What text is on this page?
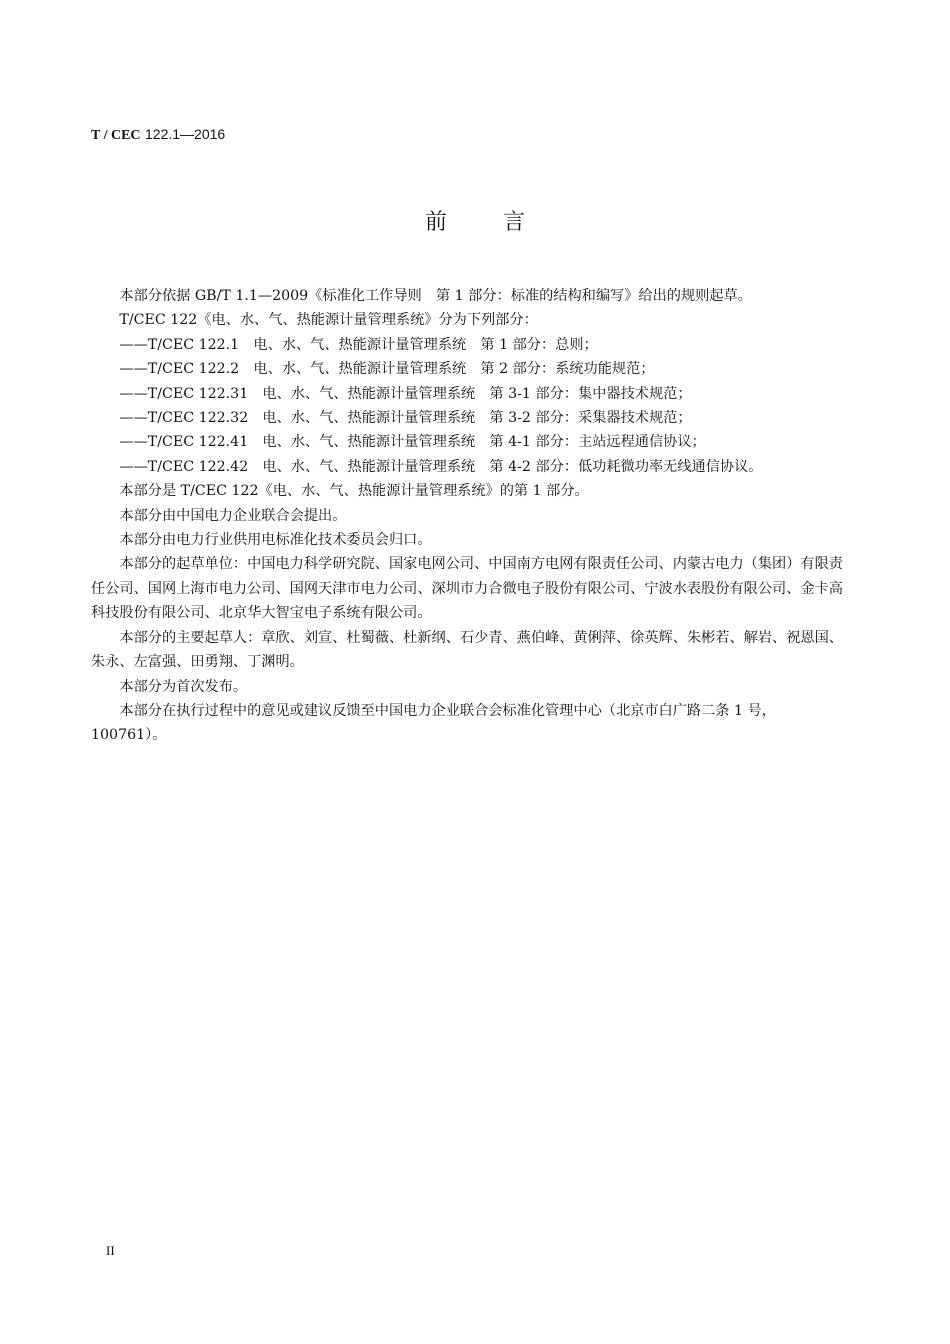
T / CEC 122.1—2016
前	言

本部分依据 GB/T 1.1—2009《标准化工作导则　第 1 部分：标准的结构和编写》给出的规则起草。

T/CEC 122《电、水、气、热能源计量管理系统》分为下列部分：

——T/CEC 122.1　电、水、气、热能源计量管理系统　第 1 部分：总则；

——T/CEC 122.2　电、水、气、热能源计量管理系统　第 2 部分：系统功能规范；

——T/CEC 122.31　电、水、气、热能源计量管理系统　第 3-1 部分：集中器技术规范；

——T/CEC 122.32　电、水、气、热能源计量管理系统　第 3-2 部分：采集器技术规范；

——T/CEC 122.41　电、水、气、热能源计量管理系统　第 4-1 部分：主站远程通信协议；

——T/CEC 122.42　电、水、气、热能源计量管理系统　第 4-2 部分：低功耗微功率无线通信协议。

本部分是 T/CEC 122《电、水、气、热能源计量管理系统》的第 1 部分。

本部分由中国电力企业联合会提出。

本部分由电力行业供用电标准化技术委员会归口。

本部分的起草单位：中国电力科学研究院、国家电网公司、中国南方电网有限责任公司、内蒙古电力（集团）有限责任公司、国网上海市电力公司、国网天津市电力公司、深圳市力合微电子股份有限公司、宁波水表股份有限公司、金卡高科技股份有限公司、北京华大智宝电子系统有限公司。

本部分的主要起草人：章欣、刘宣、杜蜀薇、杜新纲、石少青、燕伯峰、黄俐萍、徐英辉、朱彬若、解岩、祝恩国、朱永、左富强、田勇翔、丁渊明。

本部分为首次发布。

本部分在执行过程中的意见或建议反馈至中国电力企业联合会标准化管理中心（北京市白广路二条 1 号，100761）。

II
